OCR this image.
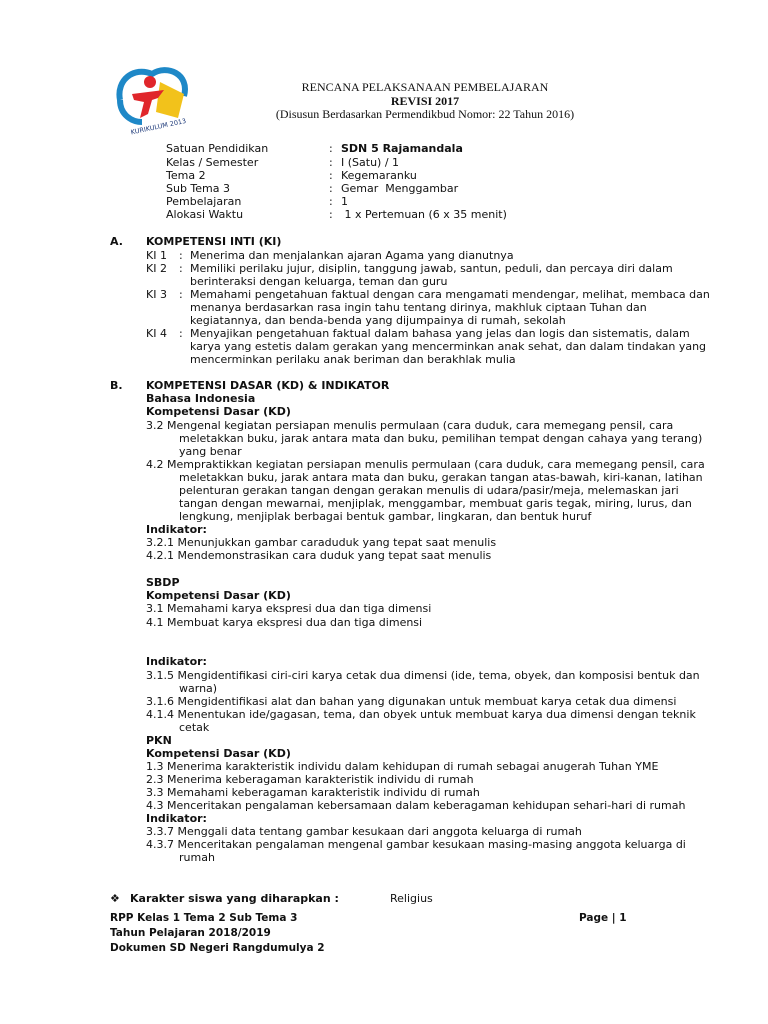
KURIKULUM 2013
RENCANA PELAKSANAAN PEMBELAJARAN
REVISI 2017
(Disusun Berdasarkan Permendikbud Nomor: 22 Tahun 2016)
Satuan Pendidikan	: SDN 5 Rajamandala
Kelas / Semester	: I (Satu) / 1
Tema 2	: Kegemaranku
Sub Tema 3	: Gemar  Menggambar
Pembelajaran	: 1
Alokasi Waktu	: 1 x Pertemuan (6 x 35 menit)
A. KOMPETENSI INTI (KI)
KI 1 : Menerima dan menjalankan ajaran Agama yang dianutnya
KI 2 : Memiliki perilaku jujur, disiplin, tanggung jawab, santun, peduli, dan percaya diri dalam
berinteraksi dengan keluarga, teman dan guru
KI 3 : Memahami pengetahuan faktual dengan cara mengamati mendengar, melihat, membaca dan
menanya berdasarkan rasa ingin tahu tentang dirinya, makhluk ciptaan Tuhan dan
kegiatannya, dan benda-benda yang dijumpainya di rumah, sekolah
KI 4 : Menyajikan pengetahuan faktual dalam bahasa yang jelas dan logis dan sistematis, dalam
karya yang estetis dalam gerakan yang mencerminkan anak sehat, dan dalam tindakan yang
mencerminkan perilaku anak beriman dan berakhlak mulia
B. KOMPETENSI DASAR (KD) & INDIKATOR
Bahasa Indonesia
Kompetensi Dasar (KD)
3.2 Mengenal kegiatan persiapan menulis permulaan (cara duduk, cara memegang pensil, cara
meletakkan buku, jarak antara mata dan buku, pemilihan tempat dengan cahaya yang terang)
yang benar
4.2 Mempraktikkan kegiatan persiapan menulis permulaan (cara duduk, cara memegang pensil, cara
meletakkan buku, jarak antara mata dan buku, gerakan tangan atas-bawah, kiri-kanan, latihan
pelenturan gerakan tangan dengan gerakan menulis di udara/pasir/meja, melemaskan jari
tangan dengan mewarnai, menjiplak, menggambar, membuat garis tegak, miring, lurus, dan
lengkung, menjiplak berbagai bentuk gambar, lingkaran, dan bentuk huruf
Indikator:
3.2.1 Menunjukkan gambar caraduduk yang tepat saat menulis
4.2.1 Mendemonstrasikan cara duduk yang tepat saat menulis
SBDP
Kompetensi Dasar (KD)
3.1 Memahami karya ekspresi dua dan tiga dimensi
4.1 Membuat karya ekspresi dua dan tiga dimensi
Indikator:
3.1.5 Mengidentifikasi ciri-ciri karya cetak dua dimensi (ide, tema, obyek, dan komposisi bentuk dan
warna)
3.1.6 Mengidentifikasi alat dan bahan yang digunakan untuk membuat karya cetak dua dimensi
4.1.4 Menentukan ide/gagasan, tema, dan obyek untuk membuat karya dua dimensi dengan teknik
cetak
PKN
Kompetensi Dasar (KD)
1.3 Menerima karakteristik individu dalam kehidupan di rumah sebagai anugerah Tuhan YME
2.3 Menerima keberagaman karakteristik individu di rumah
3.3 Memahami keberagaman karakteristik individu di rumah
4.3 Menceritakan pengalaman kebersamaan dalam keberagaman kehidupan sehari-hari di rumah
Indikator:
3.3.7 Menggali data tentang gambar kesukaan dari anggota keluarga di rumah
4.3.7 Menceritakan pengalaman mengenal gambar kesukaan masing-masing anggota keluarga di
rumah
❖ Karakter siswa yang diharapkan :	Religius
RPP Kelas 1 Tema 2 Sub Tema 3
Tahun Pelajaran 2018/2019
Dokumen SD Negeri Rangdumulya 2
Page | 1
